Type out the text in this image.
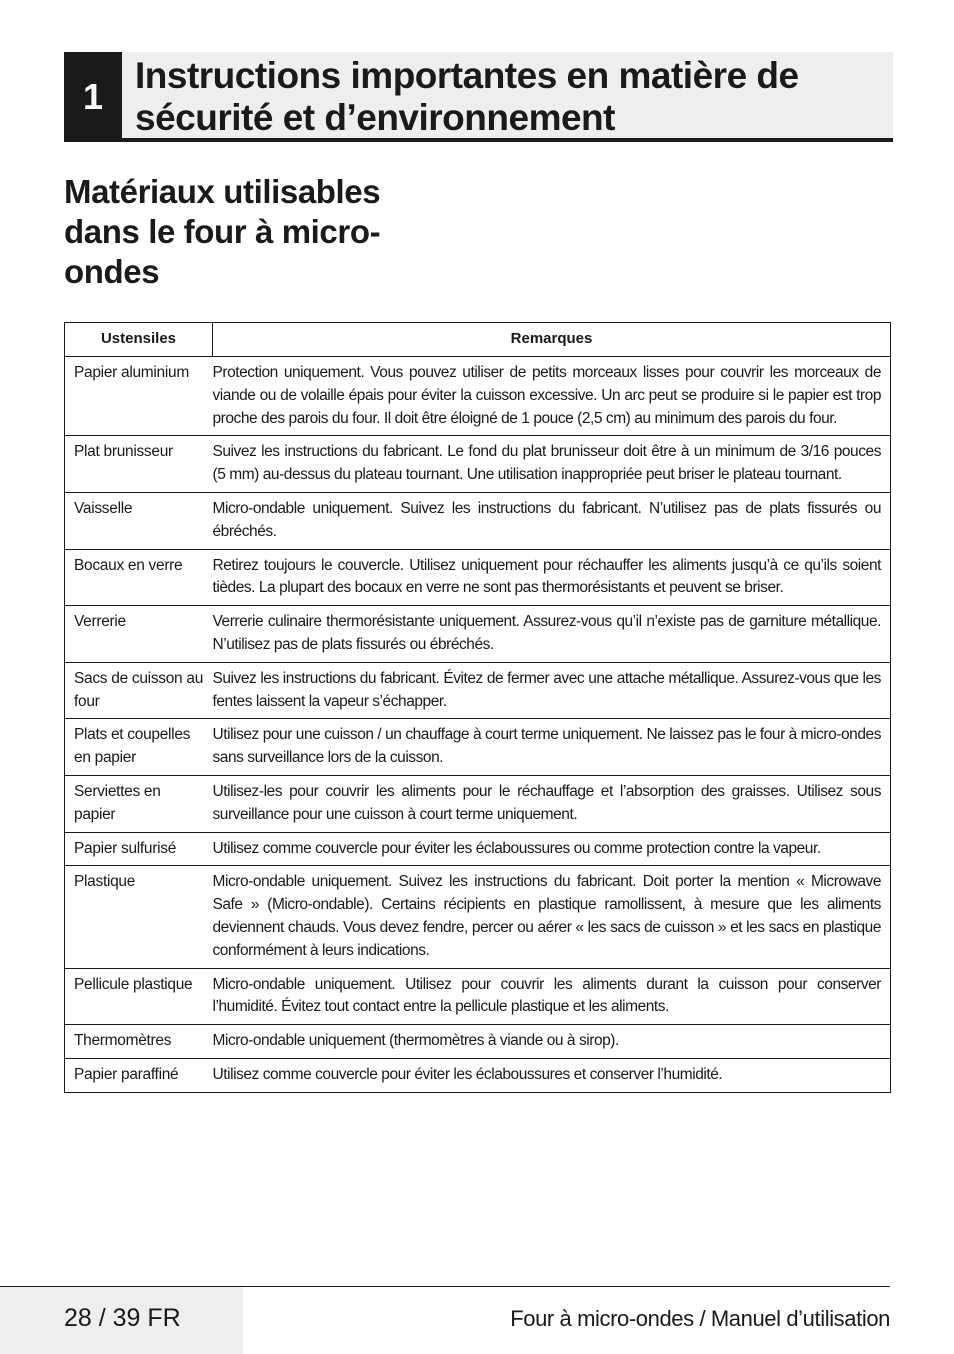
1
Instructions importantes en matière de sécurité et d’environnement
Matériaux utilisables dans le four à micro-ondes
Ustensiles	Remarques
Papier aluminium	Protection uniquement. Vous pouvez utiliser de petits morceaux lisses pour couvrir les morceaux de viande ou de volaille épais pour éviter la cuisson excessive. Un arc peut se produire si le papier est trop proche des parois du four. Il doit être éloigné de 1 pouce (2,5 cm) au minimum des parois du four.
Plat brunisseur	Suivez les instructions du fabricant. Le fond du plat brunisseur doit être à un minimum de 3/16 pouces (5 mm) au-dessus du plateau tournant. Une utilisation inappropriée peut briser le plateau tournant.
Vaisselle	Micro-ondable uniquement. Suivez les instructions du fabricant. N’utilisez pas de plats fissurés ou ébréchés.
Bocaux en verre	Retirez toujours le couvercle. Utilisez uniquement pour réchauffer les aliments jusqu’à ce qu’ils soient tièdes. La plupart des bocaux en verre ne sont pas thermorésistants et peuvent se briser.
Verrerie	Verrerie culinaire thermorésistante uniquement. Assurez-vous qu’il n’existe pas de garniture métallique. N’utilisez pas de plats fissurés ou ébréchés.
Sacs de cuisson au four	Suivez les instructions du fabricant. Évitez de fermer avec une attache métallique. Assurez-vous que les fentes laissent la vapeur s’échapper.
Plats et coupelles en papier	Utilisez pour une cuisson / un chauffage à court terme uniquement. Ne laissez pas le four à micro-ondes sans surveillance lors de la cuisson.
Serviettes en papier	Utilisez-les pour couvrir les aliments pour le réchauffage et l’absorption des graisses. Utilisez sous surveillance pour une cuisson à court terme uniquement.
Papier sulfurisé	Utilisez comme couvercle pour éviter les éclaboussures ou comme protection contre la vapeur.
Plastique	Micro-ondable uniquement. Suivez les instructions du fabricant. Doit porter la mention « Microwave Safe » (Micro-ondable). Certains récipients en plastique ramollissent, à mesure que les aliments deviennent chauds. Vous devez fendre, percer ou aérer « les sacs de cuisson » et les sacs en plastique conformément à leurs indications.
Pellicule plastique	Micro-ondable uniquement. Utilisez pour couvrir les aliments durant la cuisson pour conserver l’humidité. Évitez tout contact entre la pellicule plastique et les aliments.
Thermomètres	Micro-ondable uniquement (thermomètres à viande ou à sirop).
Papier paraffiné	Utilisez comme couvercle pour éviter les éclaboussures et conserver l’humidité.
28 / 39 FR	Four à micro-ondes / Manuel d’utilisation
